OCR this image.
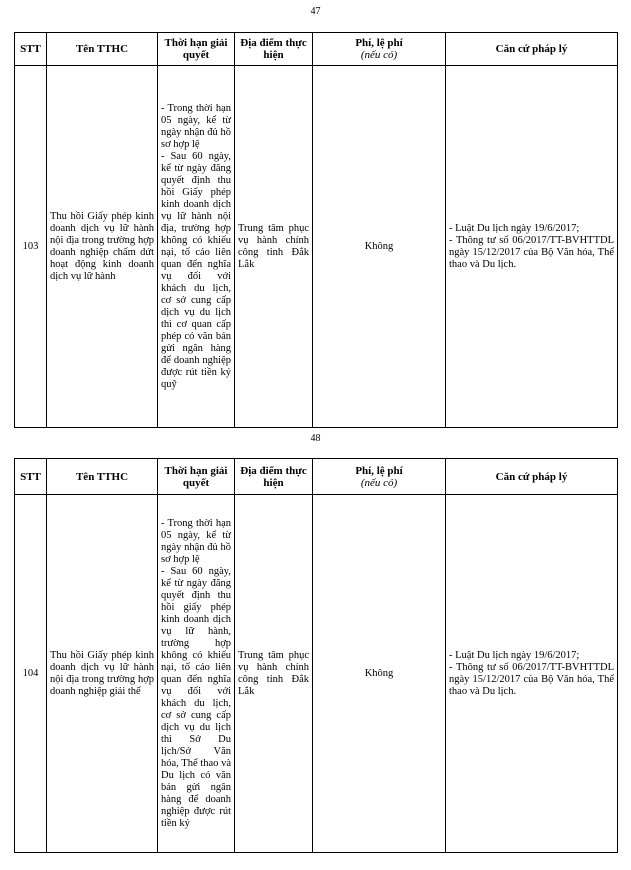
47
STT	Tên TTHC	Thời hạn giải quyết	Địa điểm thực hiện	Phí, lệ phí
(nếu có)	Căn cứ pháp lý
103	Thu hồi Giấy phép kinh doanh dịch vụ lữ hành nội địa trong trường hợp doanh nghiệp chấm dứt hoạt động kinh doanh dịch vụ lữ hành	- Trong thời hạn 05 ngày, kể từ ngày nhận đủ hồ sơ hợp lệ
- Sau 60 ngày, kể từ ngày đăng quyết định thu hồi Giấy phép kinh doanh dịch vụ lữ hành nội địa, trường hợp không có khiếu nại, tố cáo liên quan đến nghĩa vụ đối với khách du lịch, cơ sở cung cấp dịch vụ du lịch thì cơ quan cấp phép có văn bản gửi ngân hàng để doanh nghiệp được rút tiền ký quỹ	Trung tâm phục vụ hành chính công tỉnh Đắk Lắk	Không	- Luật Du lịch ngày 19/6/2017;
- Thông tư số 06/2017/TT-BVHTTDL ngày 15/12/2017 của Bộ Văn hóa, Thể thao và Du lịch.
48
STT	Tên TTHC	Thời hạn giải quyết	Địa điểm thực hiện	Phí, lệ phí
(nếu có)	Căn cứ pháp lý
104	Thu hồi Giấy phép kinh doanh dịch vụ lữ hành nội địa trong trường hợp doanh nghiệp giải thể	- Trong thời hạn 05 ngày, kể từ ngày nhận đủ hồ sơ hợp lệ
- Sau 60 ngày, kể từ ngày đăng quyết định thu hồi giấy phép kinh doanh dịch vụ lữ hành, trường hợp không có khiếu nại, tố cáo liên quan đến nghĩa vụ đối với khách du lịch, cơ sở cung cấp dịch vụ du lịch thì Sở Du lịch/Sở Văn hóa, Thể thao và Du lịch có văn bản gửi ngân hàng để doanh nghiệp được rút tiền ký	Trung tâm phục vụ hành chính công tỉnh Đắk Lắk	Không	- Luật Du lịch ngày 19/6/2017;
- Thông tư số 06/2017/TT-BVHTTDL ngày 15/12/2017 của Bộ Văn hóa, Thể thao và Du lịch.
